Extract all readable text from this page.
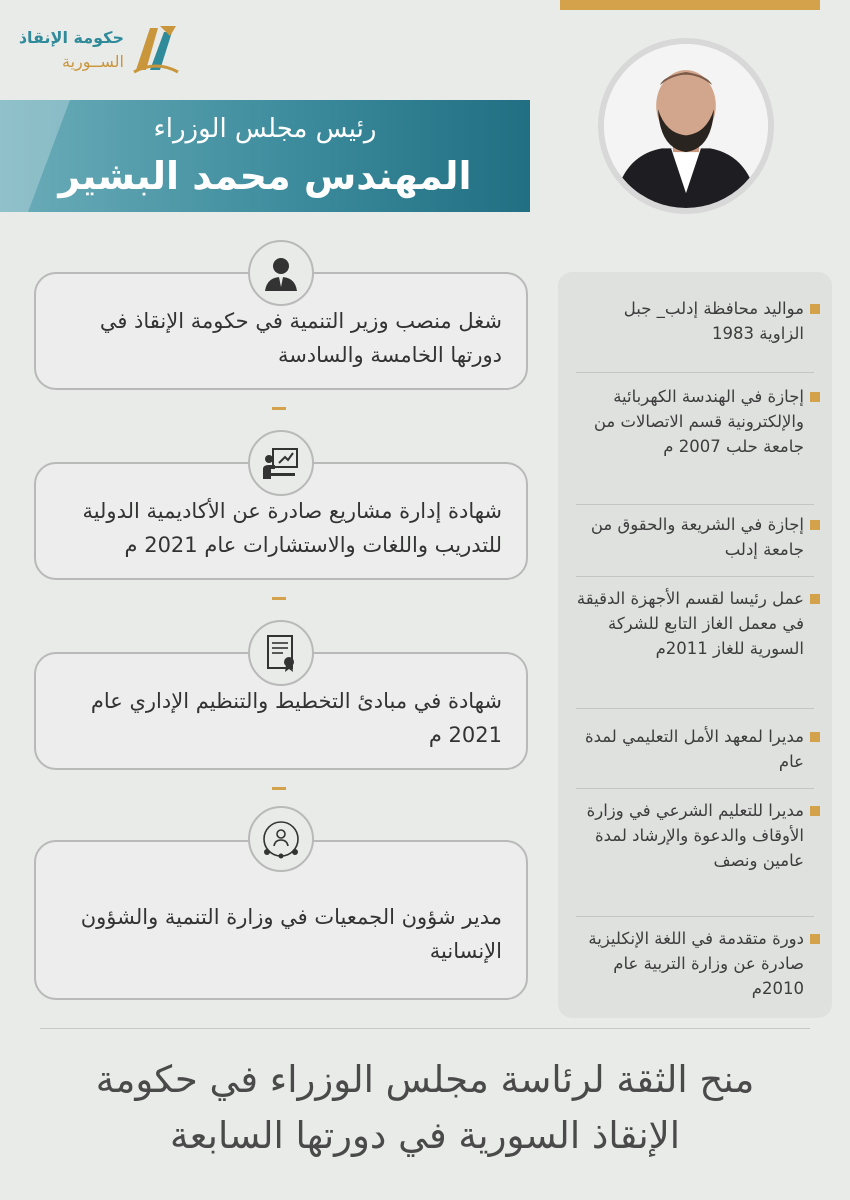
حكومة الإنقاذ
الســورية
رئيس مجلس الوزراء
المهندس محمد البشير
شغل منصب وزير التنمية في حكومة الإنقاذ في دورتها الخامسة والسادسة
شهادة إدارة مشاريع صادرة عن الأكاديمية الدولية للتدريب واللغات والاستشارات عام 2021 م
شهادة في مبادئ التخطيط والتنظيم الإداري عام 2021 م
مدير شؤون الجمعيات في وزارة التنمية والشؤون الإنسانية
مواليد محافظة إدلب_ جبل الزاوية 1983
إجازة في الهندسة الكهربائية والإلكترونية قسم الاتصالات من جامعة حلب 2007 م
إجازة في الشريعة والحقوق من جامعة إدلب
عمل رئيسا لقسم الأجهزة الدقيقة في معمل الغاز التابع للشركة السورية للغاز 2011م
مديرا لمعهد الأمل التعليمي لمدة عام
مديرا للتعليم الشرعي في وزارة الأوقاف والدعوة والإرشاد لمدة عامين ونصف
دورة متقدمة في اللغة الإنكليزية صادرة عن وزارة التربية عام 2010م
منح الثقة لرئاسة مجلس الوزراء في حكومة
الإنقاذ السورية في دورتها السابعة
